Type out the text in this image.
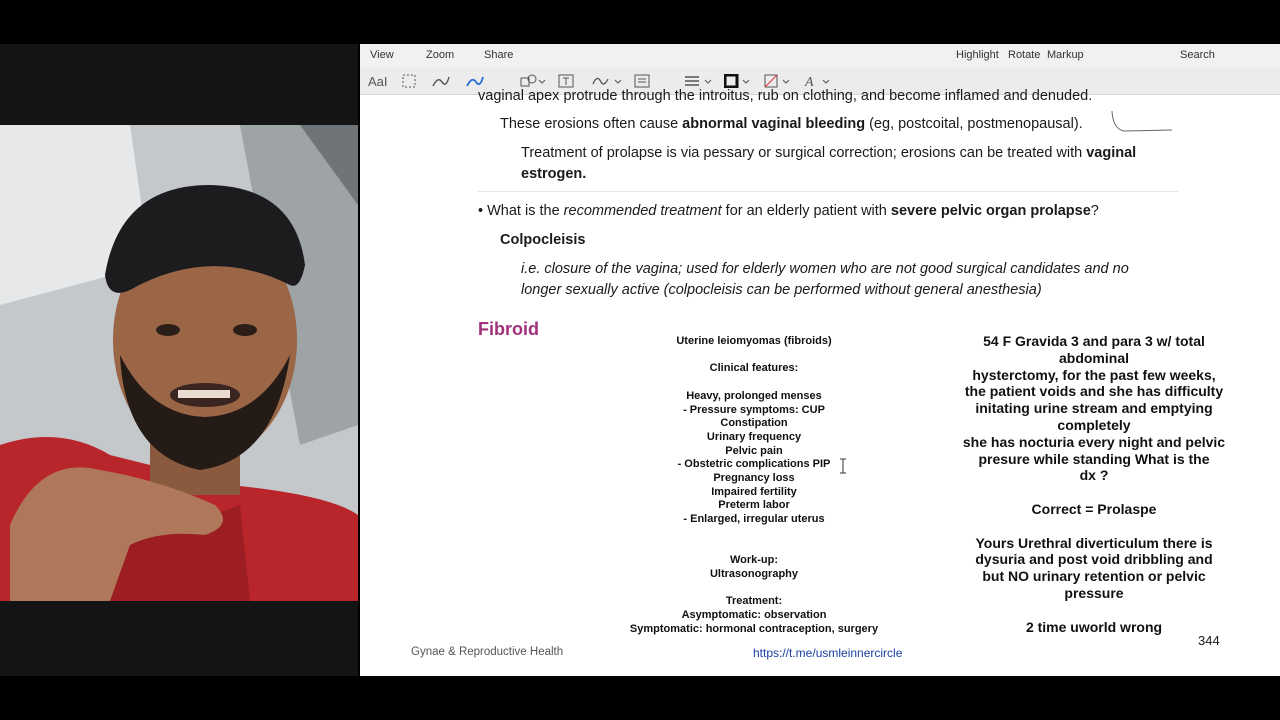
View	Zoom	Share	Highlight Rotate Markup	Search
AaI	A
vaginal apex protrude through the introitus, rub on clothing, and become inflamed and denuded.
These erosions often cause abnormal vaginal bleeding (eg, postcoital, postmenopausal).
Treatment of prolapse is via pessary or surgical correction; erosions can be treated with vaginal
estrogen.
• What is the recommended treatment for an elderly patient with severe pelvic organ prolapse?
Colpocleisis
i.e. closure of the vagina; used for elderly women who are not good surgical candidates and no
longer sexually active (colpocleisis can be performed without general anesthesia)
Fibroid
Uterine leiomyomas (fibroids)
Clinical features:
Heavy, prolonged menses
- Pressure symptoms: CUP
Constipation
Urinary frequency
Pelvic pain
- Obstetric complications PIP
Pregnancy loss
Impaired fertility
Preterm labor
- Enlarged, irregular uterus
Work-up:
Ultrasonography
Treatment:
Asymptomatic: observation
Symptomatic: hormonal contraception, surgery
54 F Gravida 3 and para 3 w/ total
abdominal
hysterctomy, for the past few weeks,
the patient voids and she has difficulty
initating urine stream and emptying
completely
she has nocturia every night and pelvic
presure while standing What is the
dx ?
Correct = Prolaspe
Yours Urethral diverticulum there is
dysuria and post void dribbling and
but NO urinary retention or pelvic
pressure
2 time uworld wrong
344
Gynae & Reproductive Health	https://t.me/usmleinnercircle
